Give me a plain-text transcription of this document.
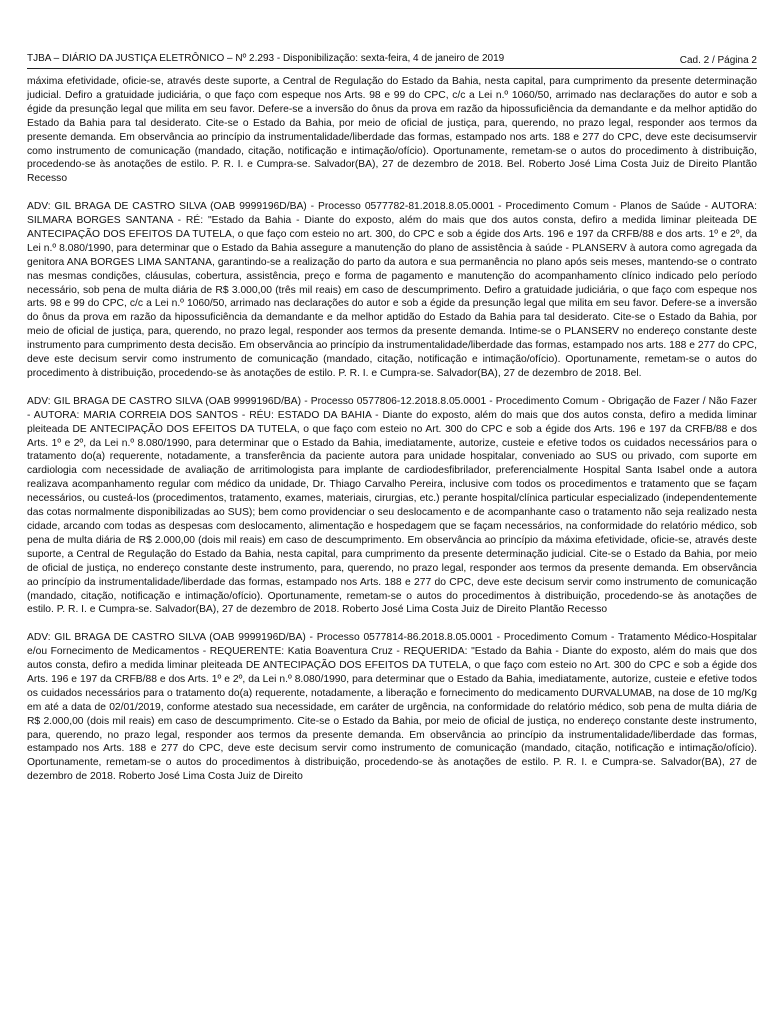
TJBA – DIÁRIO DA JUSTIÇA ELETRÔNICO – Nº 2.293 - Disponibilização: sexta-feira, 4 de janeiro de 2019	Cad. 2 / Página 2

máxima efetividade, oficie-se, através deste suporte, a Central de Regulação do Estado da Bahia, nesta capital, para cumprimento da presente determinação judicial. Defiro a gratuidade judiciária, o que faço com espeque nos Arts. 98 e 99 do CPC, c/c a Lei n.º 1060/50, arrimado nas declarações do autor e sob a égide da presunção legal que milita em seu favor. Defere-se a inversão do ônus da prova em razão da hipossuficiência da demandante e da melhor aptidão do Estado da Bahia para tal desiderato. Cite-se o Estado da Bahia, por meio de oficial de justiça, para, querendo, no prazo legal, responder aos termos da presente demanda. Em observância ao princípio da instrumentalidade/liberdade das formas, estampado nos arts. 188 e 277 do CPC, deve este decisumservir como instrumento de comunicação (mandado, citação, notificação e intimação/ofício). Oportunamente, remetam-se o autos do procedimento à distribuição, procedendo-se às anotações de estilo. P. R. I. e Cumpra-se. Salvador(BA), 27 de dezembro de 2018. Bel. Roberto José Lima Costa Juiz de Direito Plantão Recesso

ADV: GIL BRAGA DE CASTRO SILVA (OAB 9999196D/BA) - Processo 0577782-81.2018.8.05.0001 - Procedimento Comum - Planos de Saúde - AUTORA: SILMARA BORGES SANTANA - RÉ: "Estado da Bahia - Diante do exposto, além do mais que dos autos consta, defiro a medida liminar pleiteada DE ANTECIPAÇÃO DOS EFEITOS DA TUTELA, o que faço com esteio no art. 300, do CPC e sob a égide dos Arts. 196 e 197 da CRFB/88 e dos arts. 1º e 2º, da Lei n.º 8.080/1990, para determinar que o Estado da Bahia assegure a manutenção do plano de assistência à saúde - PLANSERV à autora como agregada da genitora ANA BORGES LIMA SANTANA, garantindo-se a realização do parto da autora e sua permanência no plano após seis meses, mantendo-se o contrato nas mesmas condições, cláusulas, cobertura, assistência, preço e forma de pagamento e manutenção do acompanhamento clínico indicado pelo período necessário, sob pena de multa diária de R$ 3.000,00 (três mil reais) em caso de descumprimento. Defiro a gratuidade judiciária, o que faço com espeque nos arts. 98 e 99 do CPC, c/c a Lei n.º 1060/50, arrimado nas declarações do autor e sob a égide da presunção legal que milita em seu favor. Defere-se a inversão do ônus da prova em razão da hipossuficiência da demandante e da melhor aptidão do Estado da Bahia para tal desiderato. Cite-se o Estado da Bahia, por meio de oficial de justiça, para, querendo, no prazo legal, responder aos termos da presente demanda. Intime-se o PLANSERV no endereço constante deste instrumento para cumprimento desta decisão. Em observância ao princípio da instrumentalidade/liberdade das formas, estampado nos arts. 188 e 277 do CPC, deve este decisum servir como instrumento de comunicação (mandado, citação, notificação e intimação/ofício). Oportunamente, remetam-se o autos do procedimento à distribuição, procedendo-se às anotações de estilo. P. R. I. e Cumpra-se. Salvador(BA), 27 de dezembro de 2018. Bel.

ADV: GIL BRAGA DE CASTRO SILVA (OAB 9999196D/BA) - Processo 0577806-12.2018.8.05.0001 - Procedimento Comum - Obrigação de Fazer / Não Fazer - AUTORA: MARIA CORREIA DOS SANTOS - RÉU: ESTADO DA BAHIA - Diante do exposto, além do mais que dos autos consta, defiro a medida liminar pleiteada DE ANTECIPAÇÃO DOS EFEITOS DA TUTELA, o que faço com esteio no Art. 300 do CPC e sob a égide dos Arts. 196 e 197 da CRFB/88 e dos Arts. 1º e 2º, da Lei n.º 8.080/1990, para determinar que o Estado da Bahia, imediatamente, autorize, custeie e efetive todos os cuidados necessários para o tratamento do(a) requerente, notadamente, a transferência da paciente autora para unidade hospitalar, conveniado ao SUS ou privado, com suporte em cardiologia com necessidade de avaliação de arritimologista para implante de cardiodesfibrilador, preferencialmente Hospital Santa Isabel onde a autora realizava acompanhamento regular com médico da unidade, Dr. Thiago Carvalho Pereira, inclusive com todos os procedimentos e tratamento que se façam necessários, ou custeá-los (procedimentos, tratamento, exames, materiais, cirurgias, etc.) perante hospital/clínica particular especializado (independentemente das cotas normalmente disponibilizadas ao SUS); bem como providenciar o seu deslocamento e de acompanhante caso o tratamento não seja realizado nesta cidade, arcando com todas as despesas com deslocamento, alimentação e hospedagem que se façam necessários, na conformidade do relatório médico, sob pena de multa diária de R$ 2.000,00 (dois mil reais) em caso de descumprimento. Em observância ao princípio da máxima efetividade, oficie-se, através deste suporte, a Central de Regulação do Estado da Bahia, nesta capital, para cumprimento da presente determinação judicial. Cite-se o Estado da Bahia, por meio de oficial de justiça, no endereço constante deste instrumento, para, querendo, no prazo legal, responder aos termos da presente demanda. Em observância ao princípio da instrumentalidade/liberdade das formas, estampado nos Arts. 188 e 277 do CPC, deve este decisum servir como instrumento de comunicação (mandado, citação, notificação e intimação/ofício). Oportunamente, remetam-se o autos do procedimentos à distribuição, procedendo-se às anotações de estilo. P. R. I. e Cumpra-se. Salvador(BA), 27 de dezembro de 2018. Roberto José Lima Costa Juiz de Direito Plantão Recesso

ADV: GIL BRAGA DE CASTRO SILVA (OAB 9999196D/BA) - Processo 0577814-86.2018.8.05.0001 - Procedimento Comum - Tratamento Médico-Hospitalar e/ou Fornecimento de Medicamentos - REQUERENTE: Katia Boaventura Cruz - REQUERIDA: "Estado da Bahia - Diante do exposto, além do mais que dos autos consta, defiro a medida liminar pleiteada DE ANTECIPAÇÃO DOS EFEITOS DA TUTELA, o que faço com esteio no Art. 300 do CPC e sob a égide dos Arts. 196 e 197 da CRFB/88 e dos Arts. 1º e 2º, da Lei n.º 8.080/1990, para determinar que o Estado da Bahia, imediatamente, autorize, custeie e efetive todos os cuidados necessários para o tratamento do(a) requerente, notadamente, a liberação e fornecimento do medicamento DURVALUMAB, na dose de 10 mg/Kg em até a data de 02/01/2019, conforme atestado sua necessidade, em caráter de urgência, na conformidade do relatório médico, sob pena de multa diária de R$ 2.000,00 (dois mil reais) em caso de descumprimento. Cite-se o Estado da Bahia, por meio de oficial de justiça, no endereço constante deste instrumento, para, querendo, no prazo legal, responder aos termos da presente demanda. Em observância ao princípio da instrumentalidade/liberdade das formas, estampado nos Arts. 188 e 277 do CPC, deve este decisum servir como instrumento de comunicação (mandado, citação, notificação e intimação/ofício). Oportunamente, remetam-se o autos do procedimentos à distribuição, procedendo-se às anotações de estilo. P. R. I. e Cumpra-se. Salvador(BA), 27 de dezembro de 2018. Roberto José Lima Costa Juiz de Direito
